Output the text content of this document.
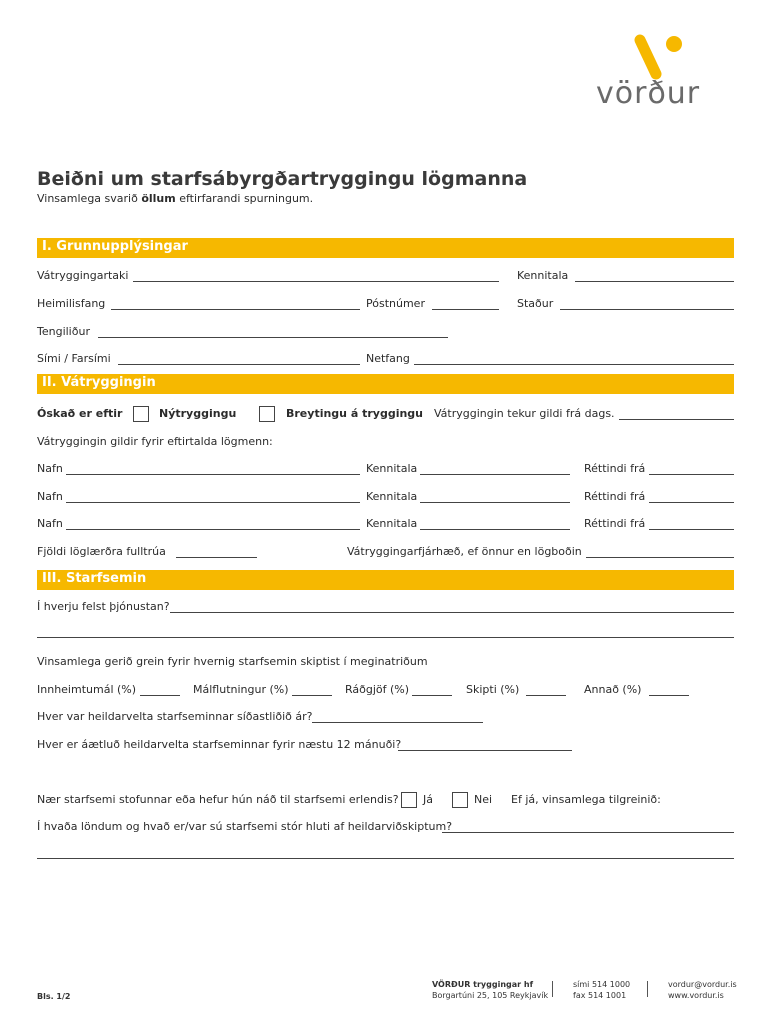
vörður
Beiðni um starfsábyrgðartryggingu lögmanna
Vinsamlega svarið öllum eftirfarandi spurningum.
I. Grunnupplýsingar
Vátryggingartaki	Kennitala
Heimilisfang	Póstnúmer	Staður
Tengiliður
Sími / Farsími	Netfang
II. Vátryggingin
Óskað er eftir	Nýtryggingu	Breytingu á tryggingu Vátryggingin tekur gildi frá dags.
Vátryggingin gildir fyrir eftirtalda lögmenn:
Nafn	Kennitala	Réttindi frá
Nafn	Kennitala	Réttindi frá
Nafn	Kennitala	Réttindi frá
Fjöldi löglærðra fulltrúa	Vátryggingarfjárhæð, ef önnur en lögboðin
III. Starfsemin
Í hverju felst þjónustan?
Vinsamlega gerið grein fyrir hvernig starfsemin skiptist í meginatriðum
Innheimtumál (%)	Málflutningur (%)	Ráðgjöf (%)	Skipti (%)	Annað (%)
Hver var heildarvelta starfseminnar síðastliðið ár?
Hver er áætluð heildarvelta starfseminnar fyrir næstu 12 mánuði?
Nær starfsemi stofunnar eða hefur hún náð til starfsemi erlendis? Já	Nei Ef já, vinsamlega tilgreinið:
Í hvaða löndum og hvað er/var sú starfsemi stór hluti af heildarviðskiptum?
Bls. 1/2
VÖRÐUR tryggingar hf
Borgartúni 25, 105 Reykjavík
sími 514 1000
fax 514 1001
vordur@vordur.is
www.vordur.is
